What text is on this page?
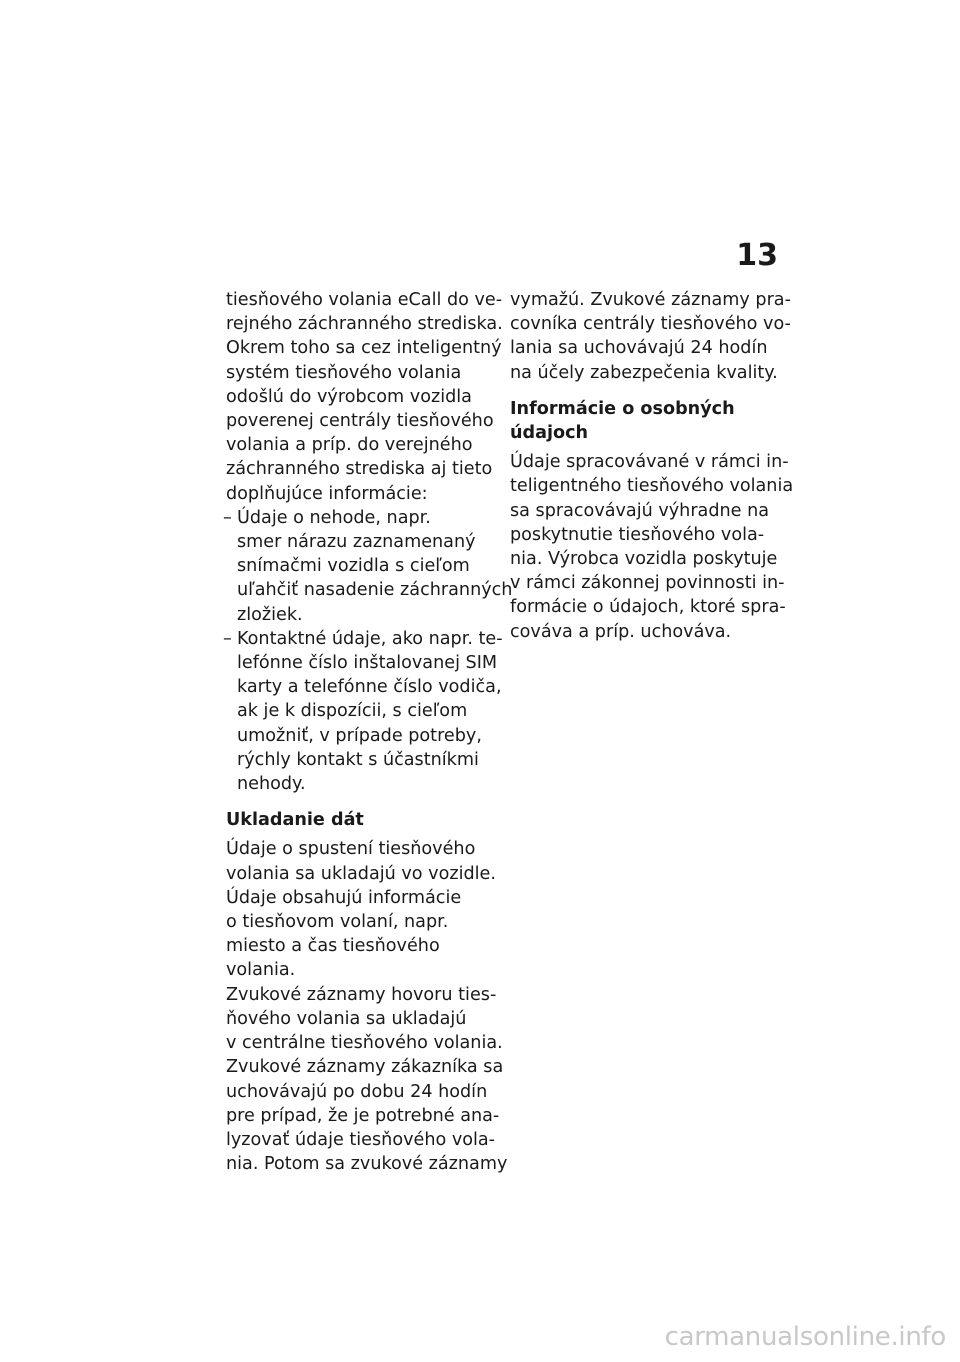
13
tiesňového volania eCall do ve-
rejného záchranného strediska.
Okrem toho sa cez inteligentný
systém tiesňového volania
odošlú do výrobcom vozidla
poverenej centrály tiesňového
volania a príp. do verejného
záchranného strediska aj tieto
doplňujúce informácie:
– Údaje o nehode, napr.
smer nárazu zaznamenaný
snímačmi vozidla s cieľom
uľahčiť nasadenie záchranných
zložiek.
– Kontaktné údaje, ako napr. te-
lefónne číslo inštalovanej SIM
karty a telefónne číslo vodiča,
ak je k dispozícii, s cieľom
umožniť, v prípade potreby,
rýchly kontakt s účastníkmi
nehody.
Ukladanie dát
Údaje o spustení tiesňového
volania sa ukladajú vo vozidle.
Údaje obsahujú informácie
o tiesňovom volaní, napr.
miesto a čas tiesňového
volania.
Zvukové záznamy hovoru ties-
ňového volania sa ukladajú
v centrálne tiesňového volania.
Zvukové záznamy zákazníka sa
uchovávajú po dobu 24 hodín
pre prípad, že je potrebné ana-
lyzovať údaje tiesňového vola-
nia. Potom sa zvukové záznamy
vymažú. Zvukové záznamy pra-
covníka centrály tiesňového vo-
lania sa uchovávajú 24 hodín
na účely zabezpečenia kvality.
Informácie o osobných
údajoch
Údaje spracovávané v rámci in-
teligentného tiesňového volania
sa spracovávajú výhradne na
poskytnutie tiesňového vola-
nia. Výrobca vozidla poskytuje
v rámci zákonnej povinnosti in-
formácie o údajoch, ktoré spra-
cováva a príp. uchováva.
carmanualsonline.info
